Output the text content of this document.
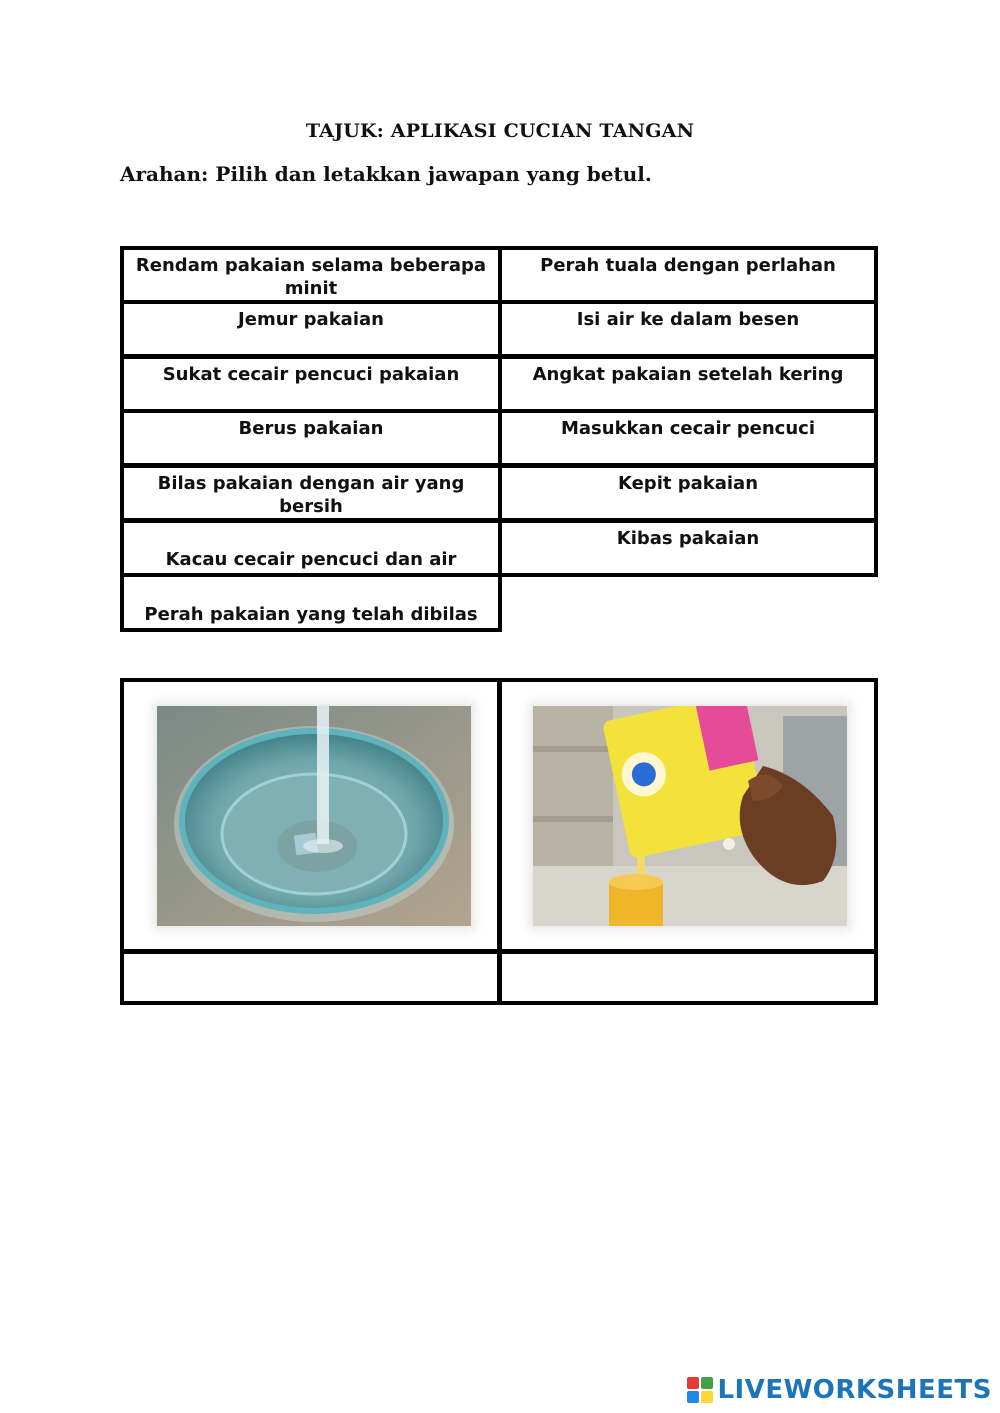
TAJUK: APLIKASI CUCIAN TANGAN
Arahan: Pilih dan letakkan jawapan yang betul.
Rendam pakaian selama beberapa minit
Jemur pakaian
Sukat cecair pencuci pakaian
Berus pakaian
Bilas pakaian dengan air yang bersih
Kacau cecair pencuci dan air
Perah pakaian yang telah dibilas
Perah tuala dengan perlahan
Isi air ke dalam besen
Angkat pakaian setelah kering
Masukkan cecair pencuci
Kepit pakaian
Kibas pakaian
LIVEWORKSHEETS
